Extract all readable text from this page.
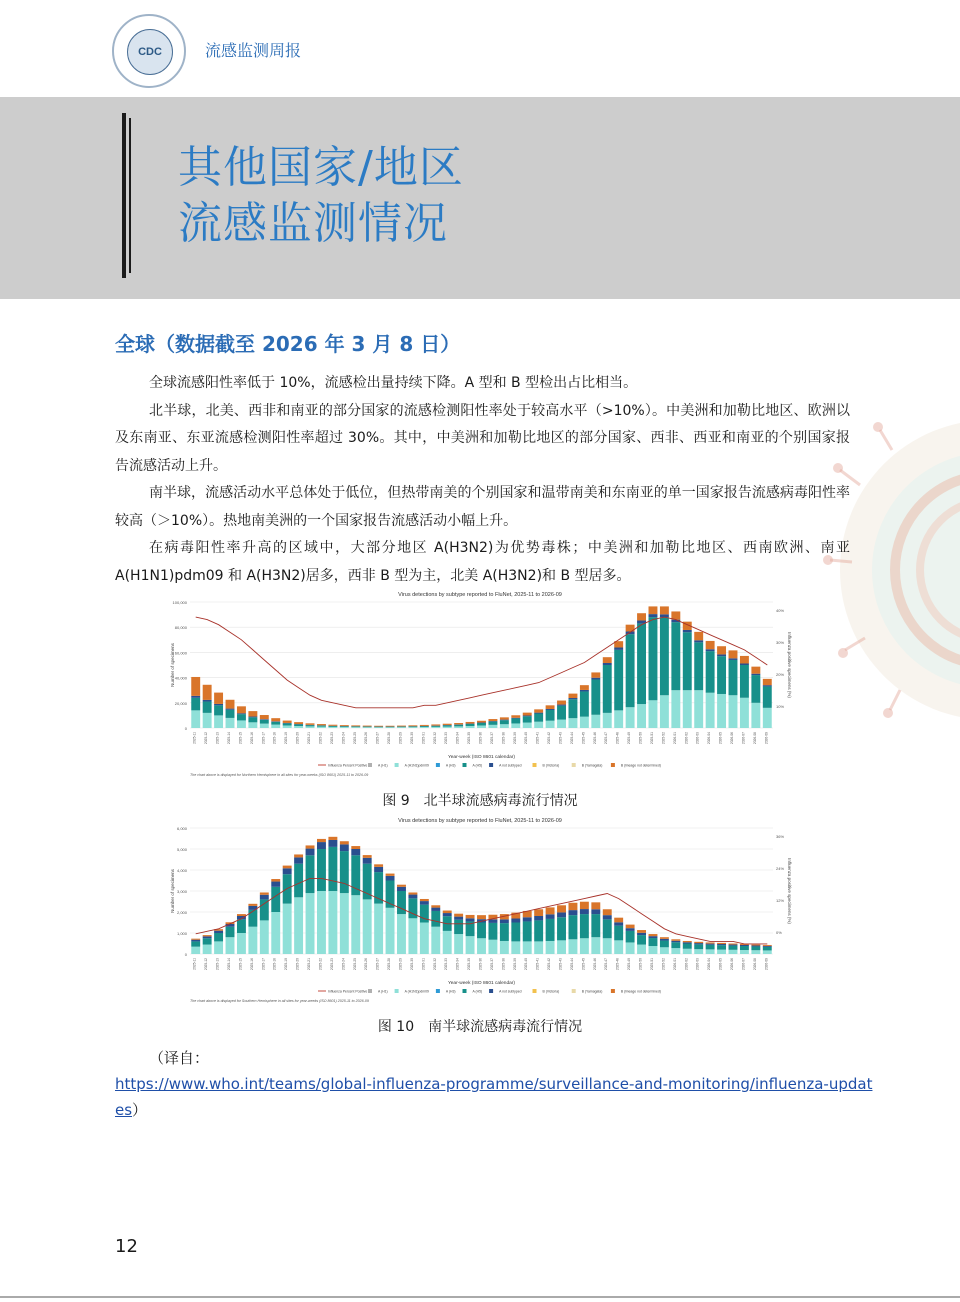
CDC	流感监测周报
其他国家/地区
流感监测情况
全球（数据截至 2026 年 3 月 8 日）

全球流感阳性率低于 10%，流感检出量持续下降。A 型和 B 型检出占比相当。

北半球，北美、西非和南亚的部分国家的流感检测阳性率处于较高水平（>10%）。中美洲和加勒比地区、欧洲以及东南亚、东亚流感检测阳性率超过 30%。其中，中美洲和加勒比地区的部分国家、西非、西亚和南亚的个别国家报告流感活动上升。

南半球，流感活动水平总体处于低位，但热带南美的个别国家和温带南美和东南亚的单一国家报告流感病毒阳性率较高（＞10%）。热地南美洲的一个国家报告流感活动小幅上升。

在病毒阳性率升高的区域中，大部分地区 A(H3N2)为优势毒株；中美洲和加勒比地区、西南欧洲、南亚 A(H1N1)pdm09 和 A(H3N2)居多，西非 B 型为主，北美 A(H3N2)和 B 型居多。

Virus detections by subtype reported to FluNet, 2025-11 to 2026-09
0
20,000
40,000
60,000
80,000
100,000
10%
20%
30%
40%
Number of specimens	Influenza positive specimens (%)
2025-11 2025-12 2025-13 2025-14 2025-15 2025-16 2025-17 2025-18 2025-19 2025-20 2025-21 2025-22 2025-23 2025-24 2025-25 2025-26 2025-27 2025-28 2025-29 2025-30 2025-31 2025-32 2025-33 2025-34 2025-35 2025-36 2025-37 2025-38 2025-39 2025-40 2025-41 2025-42 2025-43 2025-44 2025-45 2025-46 2025-47 2025-48 2025-49 2025-50 2025-51 2025-52 2026-01 2026-02 2026-03 2026-04 2026-05 2026-06 2026-07 2026-08 2026-09
Year-week (ISO 8601 calendar)
Influenza Percent Positive	A (H1)	A (H1N1)pdm09	A (H3)	A (H5)	A not subtyped	B (Victoria)	B (Yamagata)	B (lineage not determined)
The chart above is displayed for Northern Hemisphere in all sites for year-weeks (ISO 8601) 2025-11 to 2026-09
图 9　北半球流感病毒流行情况
Virus detections by subtype reported to FluNet, 2025-11 to 2026-09
0
1,000
2,000
3,000
4,000
5,000
6,000
0%
12%
24%
36%
Number of specimens	Influenza positive specimens (%)
2025-11 2025-12 2025-13 2025-14 2025-15 2025-16 2025-17 2025-18 2025-19 2025-20 2025-21 2025-22 2025-23 2025-24 2025-25 2025-26 2025-27 2025-28 2025-29 2025-30 2025-31 2025-32 2025-33 2025-34 2025-35 2025-36 2025-37 2025-38 2025-39 2025-40 2025-41 2025-42 2025-43 2025-44 2025-45 2025-46 2025-47 2025-48 2025-49 2025-50 2025-51 2025-52 2026-01 2026-02 2026-03 2026-04 2026-05 2026-06 2026-07 2026-08 2026-09
Year-week (ISO 8601 calendar)
Influenza Percent Positive	A (H1)	A (H1N1)pdm09	A (H3)	A (H5)	A not subtyped	B (Victoria)	B (Yamagata)	B (lineage not determined)
The chart above is displayed for Southern Hemisphere in all sites for year-weeks (ISO 8601) 2025-11 to 2026-09
图 10　南半球流感病毒流行情况
（译自：
https://www.who.int/teams/global-influenza-programme/surveillance-and-monitoring/influenza-updates）
12
